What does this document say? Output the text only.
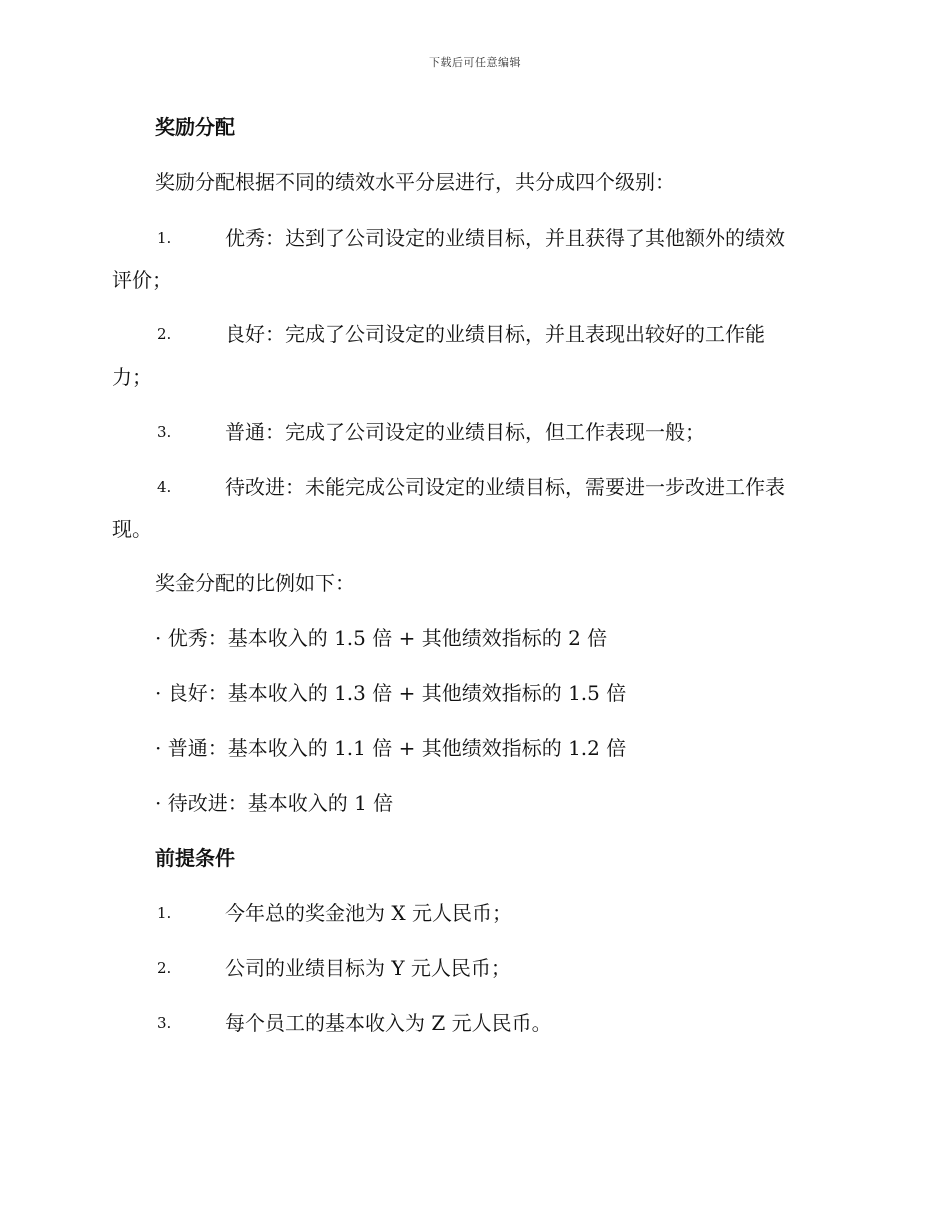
下载后可任意编辑
奖励分配
奖励分配根据不同的绩效水平分层进行，共分成四个级别：
1.	优秀：达到了公司设定的业绩目标，并且获得了其他额外的绩效
评价；
2.	良好：完成了公司设定的业绩目标，并且表现出较好的工作能
力；
3.	普通：完成了公司设定的业绩目标，但工作表现一般；
4.	待改进：未能完成公司设定的业绩目标，需要进一步改进工作表
现。
奖金分配的比例如下：
· 优秀：基本收入的 1.5 倍 + 其他绩效指标的 2 倍
· 良好：基本收入的 1.3 倍 + 其他绩效指标的 1.5 倍
· 普通：基本收入的 1.1 倍 + 其他绩效指标的 1.2 倍
· 待改进：基本收入的 1 倍
前提条件
1.	今年总的奖金池为 X 元人民币；
2.	公司的业绩目标为 Y 元人民币；
3.	每个员工的基本收入为 Z 元人民币。
